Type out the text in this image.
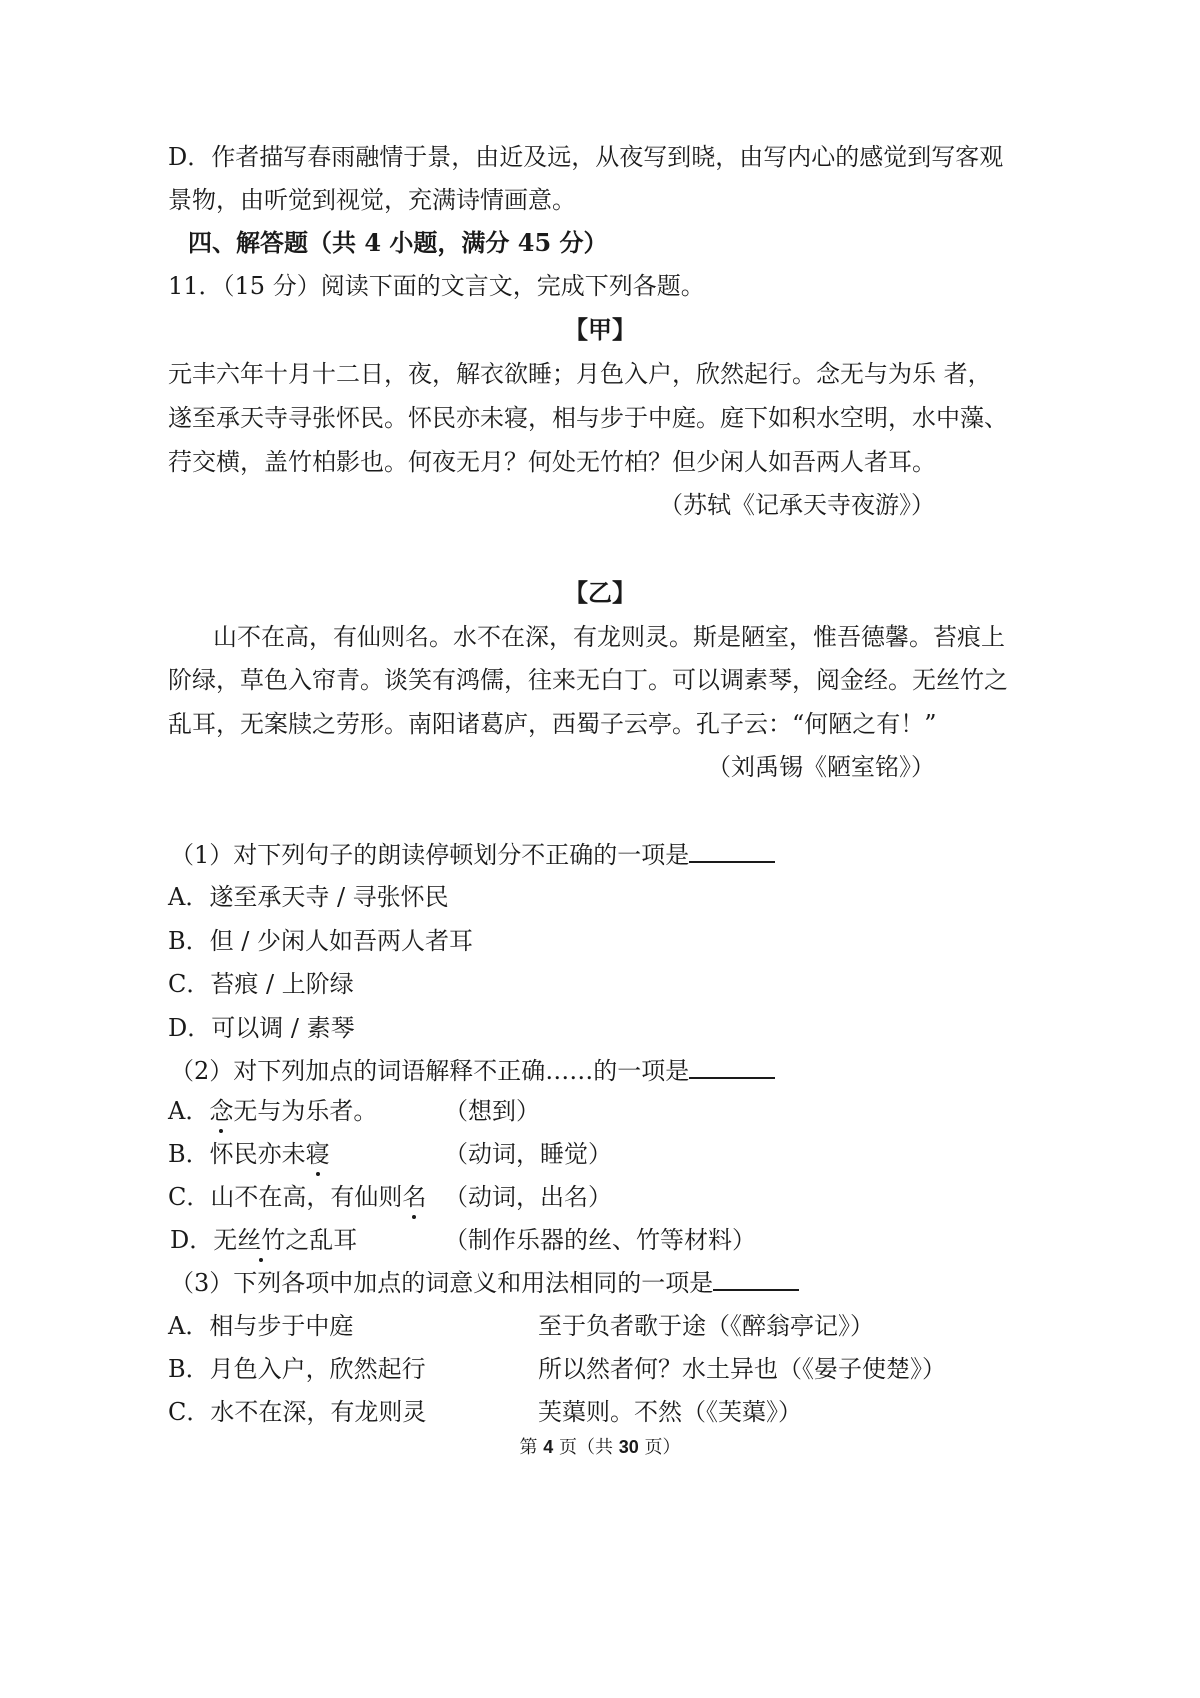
D．作者描写春雨融情于景，由近及远，从夜写到晓，由写内心的感觉到写客观
景物，由听觉到视觉，充满诗情画意。
四、解答题（共 4 小题，满分 45 分）
11．（15 分）阅读下面的文言文，完成下列各题。
【甲】
元丰六年十月十二日，夜，解衣欲睡；月色入户，欣然起行。念无与为乐 者，
遂至承天寺寻张怀民。怀民亦未寝，相与步于中庭。庭下如积水空明，水中藻、
荇交横，盖竹柏影也。何夜无月？何处无竹柏？但少闲人如吾两人者耳。
（苏轼《记承天寺夜游》）
【乙】
山不在高，有仙则名。水不在深，有龙则灵。斯是陋室，惟吾德馨。苔痕上
阶绿，草色入帘青。谈笑有鸿儒，往来无白丁。可以调素琴，阅金经。无丝竹之
乱耳，无案牍之劳形。南阳诸葛庐，西蜀子云亭。孔子云：“何陋之有！”
（刘禹锡《陋室铭》）
（1）对下列句子的朗读停顿划分不正确的一项是
A．遂至承天寺 / 寻张怀民
B．但 / 少闲人如吾两人者耳
C．苔痕 / 上阶绿
D．可以调 / 素琴
（2）对下列加点的词语解释不正确……的一项是
A．念无与为乐者。	（想到）
B．怀民亦未寝	（动词，睡觉）
C．山不在高，有仙则名 （动词，出名）
D．无丝竹之乱耳	（制作乐器的丝、竹等材料）
（3）下列各项中加点的词意义和用法相同的一项是
A．相与步于中庭	至于负者歌于途（《醉翁亭记》）
B．月色入户，欣然起行	所以然者何？水土异也（《晏子使楚》）
C．水不在深，有龙则灵	芙蕖则。不然（《芙蕖》）
第 4 页（共 30 页）
